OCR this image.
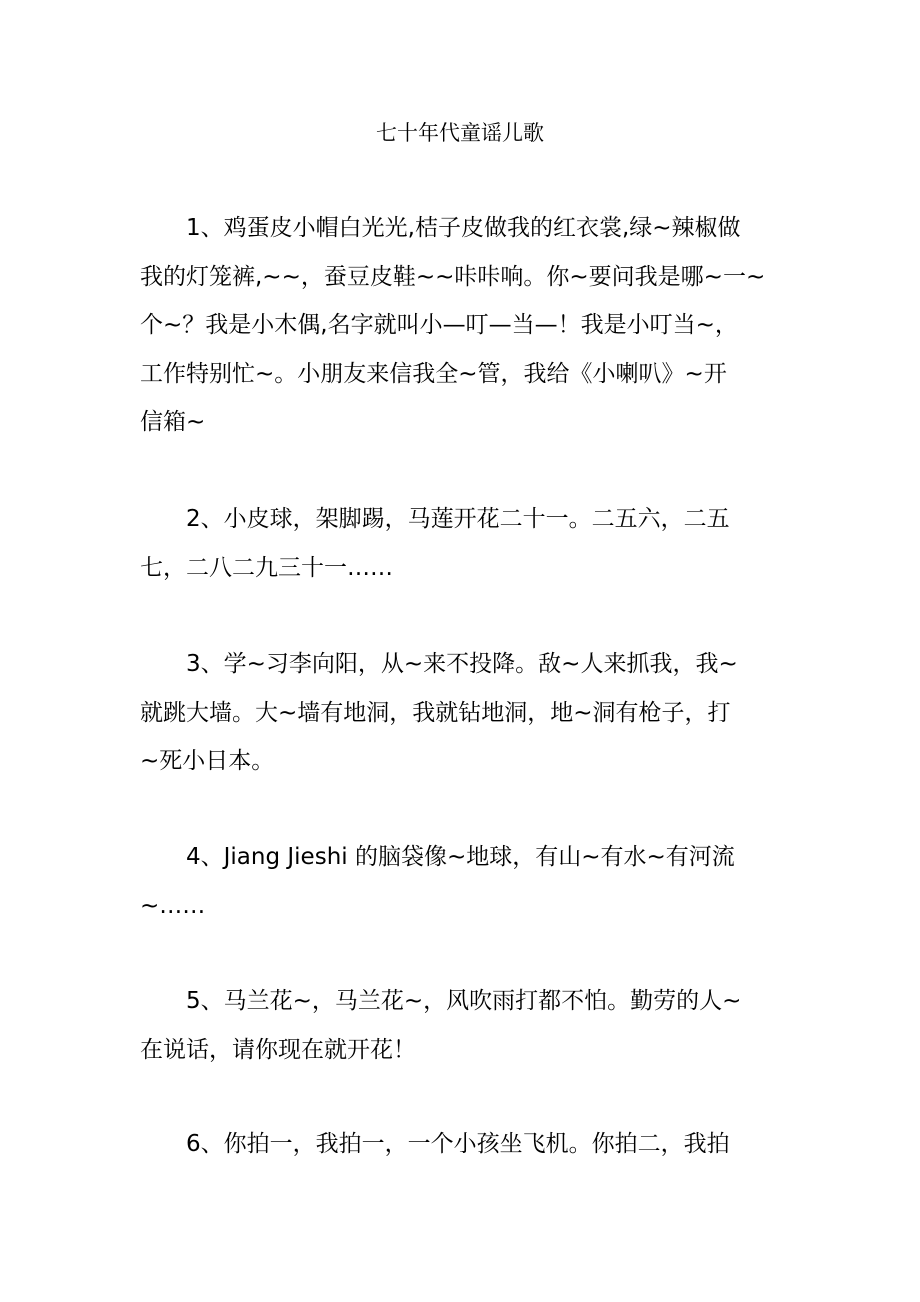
七十年代童谣儿歌
1、鸡蛋皮小帽白光光,桔子皮做我的红衣裳,绿~辣椒做
我的灯笼裤,~~，蚕豆皮鞋~~咔咔响。你~要问我是哪~一~
个~？我是小木偶,名字就叫小—叮—当—！我是小叮当~，
工作特别忙~。小朋友来信我全~管，我给《小喇叭》~开
信箱~
2、小皮球，架脚踢，马莲开花二十一。二五六，二五
七，二八二九三十一……
3、学~习李向阳，从~来不投降。敌~人来抓我，我~
就跳大墙。大~墙有地洞，我就钻地洞，地~洞有枪子，打
~死小日本。
4、Jiang Jieshi 的脑袋像~地球，有山~有水~有河流
~……
5、马兰花~，马兰花~，风吹雨打都不怕。勤劳的人~
在说话，请你现在就开花！
6、你拍一，我拍一，一个小孩坐飞机。你拍二，我拍
